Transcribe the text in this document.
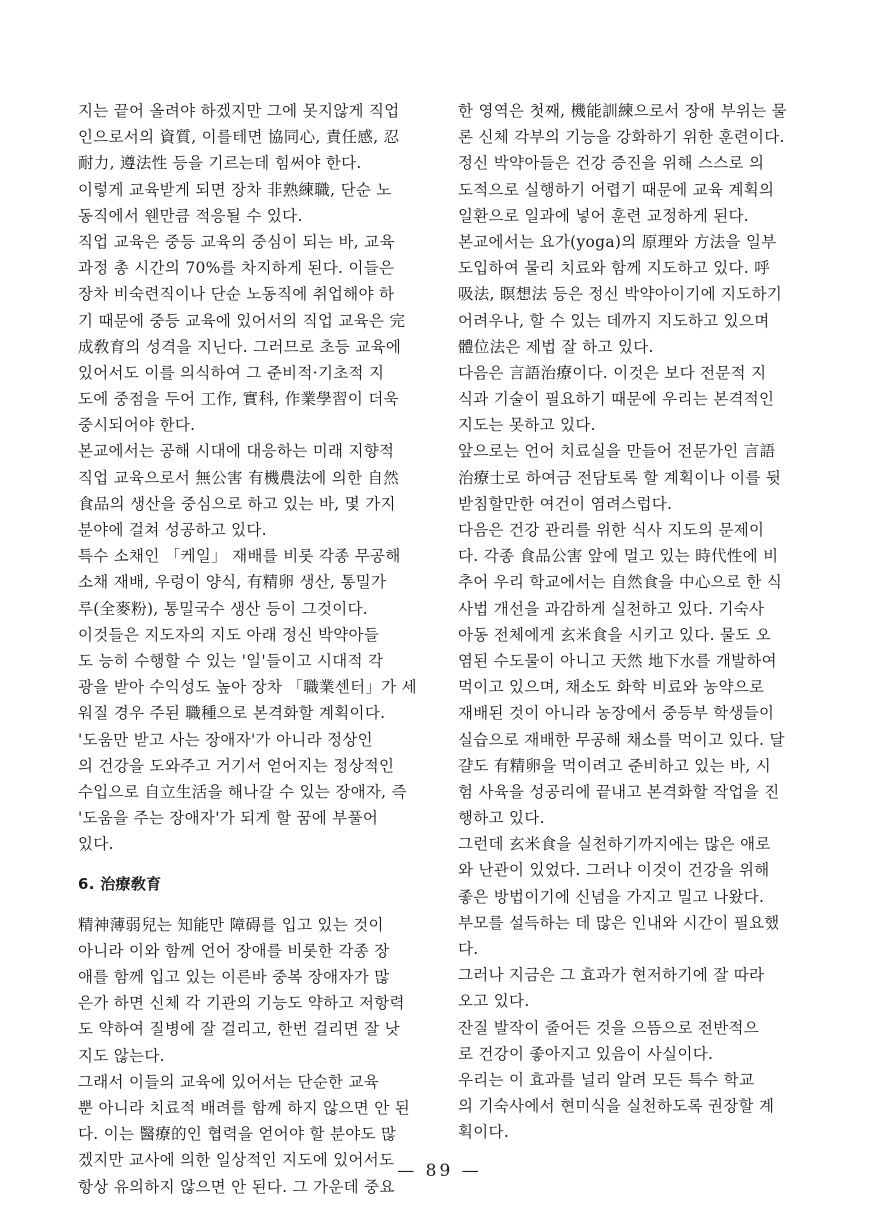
지는 끝어 올려야 하겠지만 그에 못지않게 직업
인으로서의 資質, 이를테면 協同心, 責任感, 忍
耐力, 遵法性 등을 기르는데 힘써야 한다.
이렇게 교육받게 되면 장차 非熟練職, 단순 노
동직에서 웬만큼 적응될 수 있다.
직업 교육은 중등 교육의 중심이 되는 바, 교육
과정 총 시간의 70%를 차지하게 된다. 이들은
장차 비숙련직이나 단순 노동직에 취업해야 하
기 때문에 중등 교육에 있어서의 직업 교육은 完
成敎育의 성격을 지닌다. 그러므로 초등 교육에
있어서도 이를 의식하여 그 준비적·기초적 지
도에 중점을 두어 工作, 實科, 作業學習이 더욱
중시되어야 한다.
본교에서는 공해 시대에 대응하는 미래 지향적
직업 교육으로서 無公害 有機農法에 의한 自然
食品의 생산을 중심으로 하고 있는 바, 몇 가지
분야에 걸쳐 성공하고 있다.
특수 소채인 「케일」 재배를 비롯 각종 무공해
소채 재배, 우렁이 양식, 有精卵 생산, 통밀가
루(全麥粉), 통밀국수 생산 등이 그것이다.
이것들은 지도자의 지도 아래 정신 박약아들
도 능히 수행할 수 있는 '일'들이고 시대적 각
광을 받아 수익성도 높아 장차 「職業센터」가 세
워질 경우 주된 職種으로 본격화할 계획이다.
'도움만 받고 사는 장애자'가 아니라 정상인
의 건강을 도와주고 거기서 얻어지는 정상적인
수입으로 自立生活을 해나갈 수 있는 장애자, 즉
'도움을 주는 장애자'가 되게 할 꿈에 부풀어
있다.
6. 治療敎育
精神薄弱兒는 知能만 障碍를 입고 있는 것이
아니라 이와 함께 언어 장애를 비롯한 각종 장
애를 함께 입고 있는 이른바 중복 장애자가 많
은가 하면 신체 각 기관의 기능도 약하고 저항력
도 약하여 질병에 잘 걸리고, 한번 걸리면 잘 낫
지도 않는다.
그래서 이들의 교육에 있어서는 단순한 교육
뿐 아니라 치료적 배려를 함께 하지 않으면 안 된
다. 이는 醫療的인 협력을 얻어야 할 분야도 많
겠지만 교사에 의한 일상적인 지도에 있어서도
항상 유의하지 않으면 안 된다. 그 가운데 중요
한 영역은 첫째, 機能訓練으로서 장애 부위는 물
론 신체 각부의 기능을 강화하기 위한 훈련이다.
정신 박약아들은 건강 증진을 위해 스스로 의
도적으로 실행하기 어렵기 때문에 교육 계획의
일환으로 일과에 넣어 훈련 교정하게 된다.
본교에서는 요가(yoga)의 原理와 方法을 일부
도입하여 물리 치료와 함께 지도하고 있다. 呼
吸法, 瞑想法 등은 정신 박약아이기에 지도하기
어려우나, 할 수 있는 데까지 지도하고 있으며
體位法은 제법 잘 하고 있다.
다음은 言語治療이다. 이것은 보다 전문적 지
식과 기술이 필요하기 때문에 우리는 본격적인
지도는 못하고 있다.
앞으로는 언어 치료실을 만들어 전문가인 言語
治療士로 하여금 전담토록 할 계획이나 이를 뒷
받침할만한 여건이 염려스럽다.
다음은 건강 관리를 위한 식사 지도의 문제이
다. 각종 食品公害 앞에 멀고 있는 時代性에 비
추어 우리 학교에서는 自然食을 中心으로 한 식
사법 개선을 과감하게 실천하고 있다. 기숙사
아동 전체에게 玄米食을 시키고 있다. 물도 오
염된 수도물이 아니고 天然 地下水를 개발하여
먹이고 있으며, 채소도 화학 비료와 농약으로
재배된 것이 아니라 농장에서 중등부 학생들이
실습으로 재배한 무공해 채소를 먹이고 있다. 달
걀도 有精卵을 먹이려고 준비하고 있는 바, 시
험 사육을 성공리에 끝내고 본격화할 작업을 진
행하고 있다.
그런데 玄米食을 실천하기까지에는 많은 애로
와 난관이 있었다. 그러나 이것이 건강을 위해
좋은 방법이기에 신념을 가지고 밀고 나왔다.
부모를 설득하는 데 많은 인내와 시간이 필요했
다.
그러나 지금은 그 효과가 현저하기에 잘 따라
오고 있다.
잔질 발작이 줄어든 것을 으뜸으로 전반적으
로 건강이 좋아지고 있음이 사실이다.
우리는 이 효과를 널리 알려 모든 특수 학교
의 기숙사에서 현미식을 실천하도록 권장할 계
획이다.
— 89 —
